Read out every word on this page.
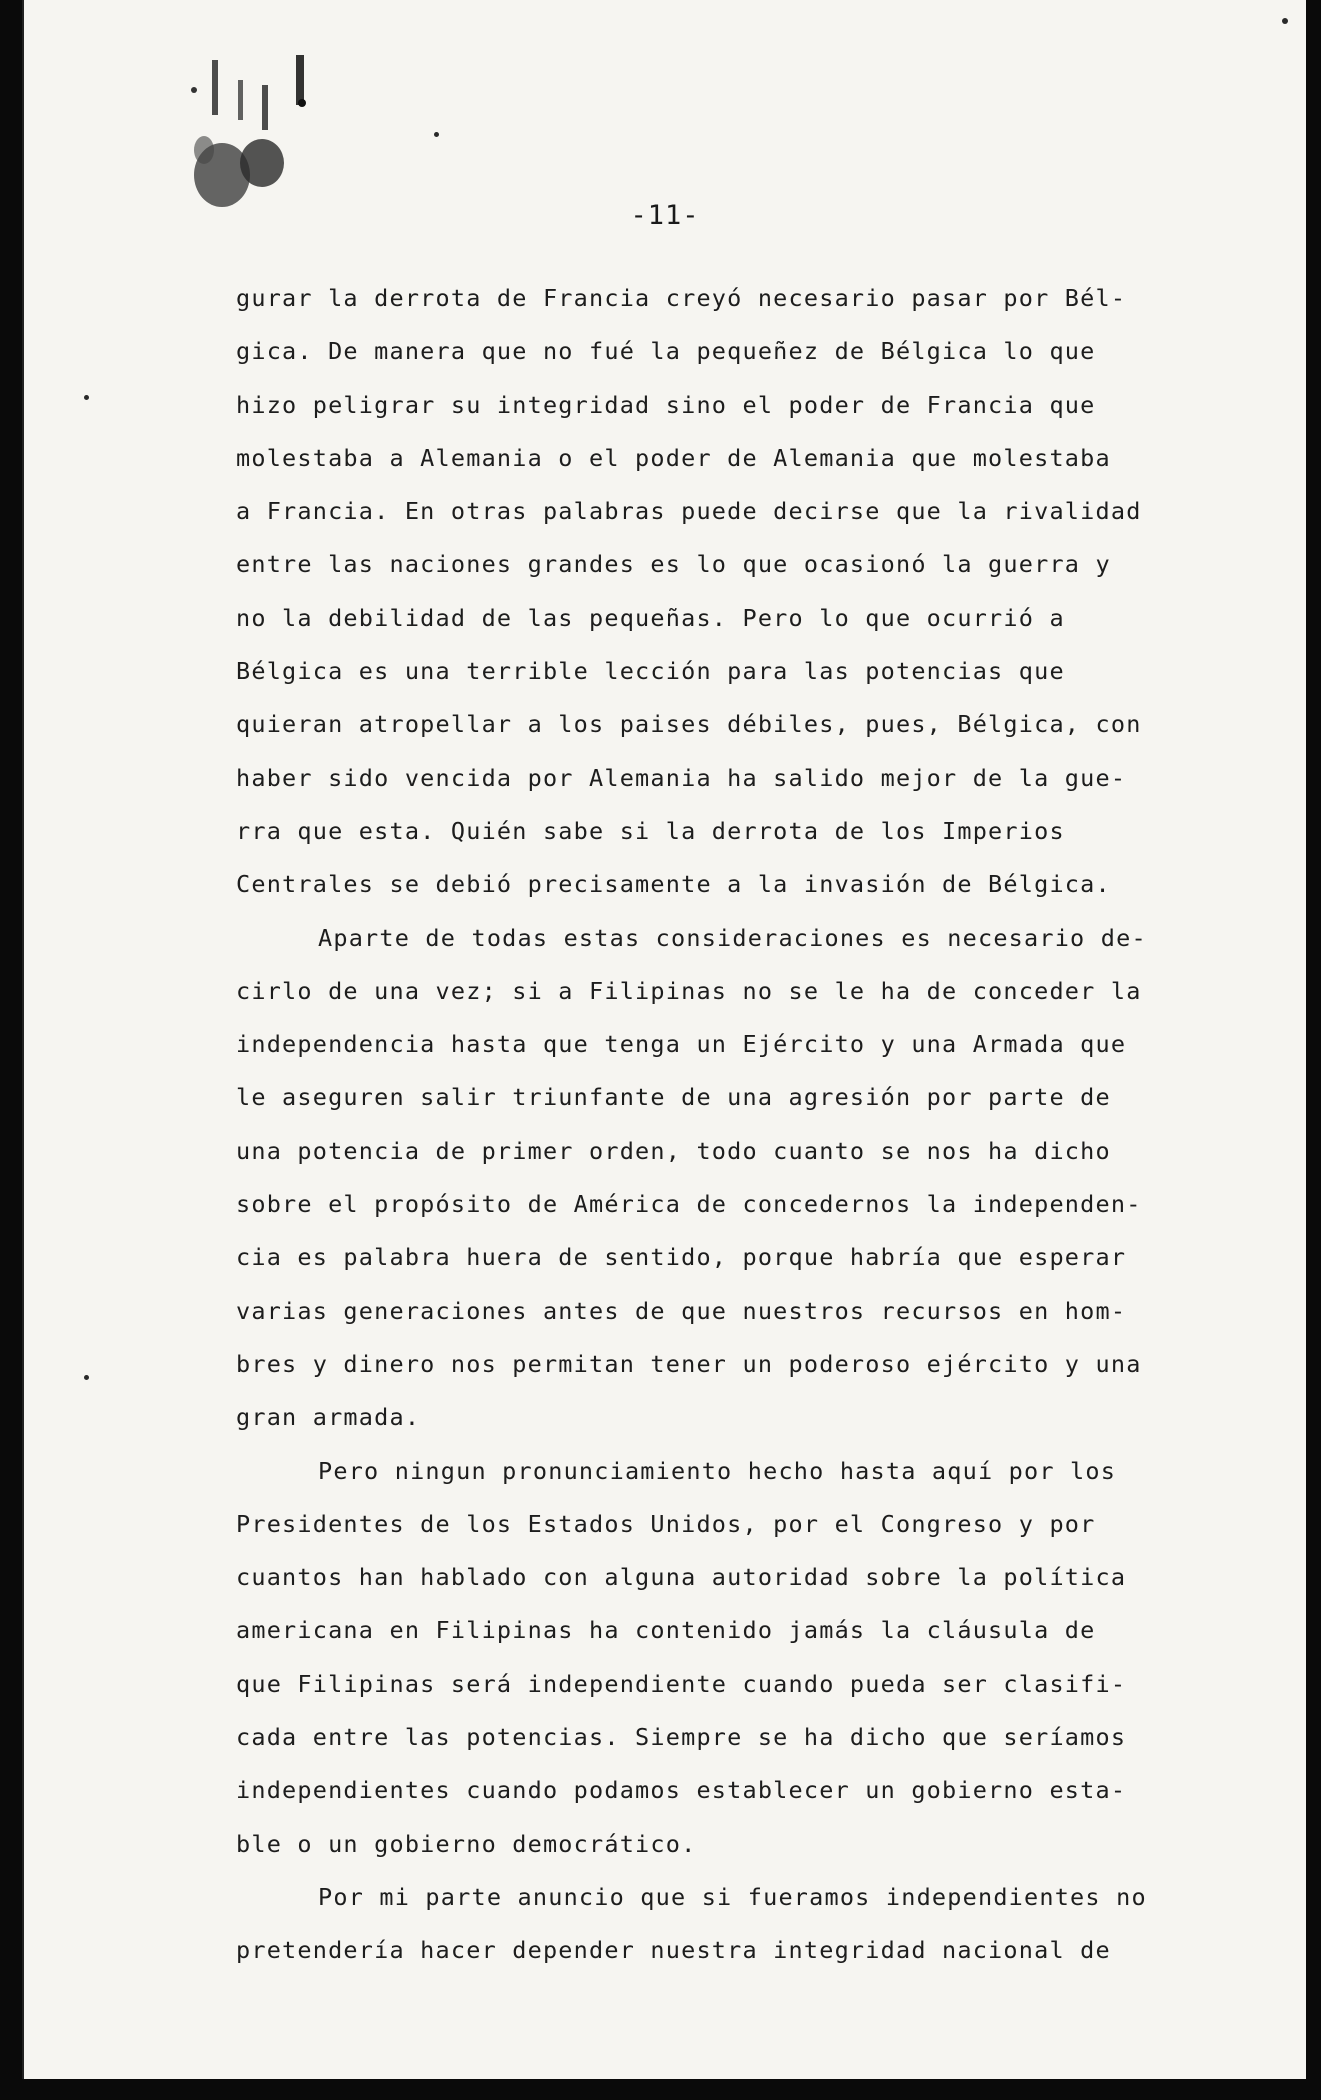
-11-
gurar la derrota de Francia creyó necesario pasar por Bél-
gica. De manera que no fué la pequeñez de Bélgica lo que
hizo peligrar su integridad sino el poder de Francia que
molestaba a Alemania o el poder de Alemania que molestaba
a Francia. En otras palabras puede decirse que la rivalidad
entre las naciones grandes es lo que ocasionó la guerra y
no la debilidad de las pequeñas. Pero lo que ocurrió a
Bélgica es una terrible lección para las potencias que
quieran atropellar a los paises débiles, pues, Bélgica, con
haber sido vencida por Alemania ha salido mejor de la gue-
rra que esta. Quién sabe si la derrota de los Imperios
Centrales se debió precisamente a la invasión de Bélgica.
Aparte de todas estas consideraciones es necesario de-
cirlo de una vez; si a Filipinas no se le ha de conceder la
independencia hasta que tenga un Ejército y una Armada que
le aseguren salir triunfante de una agresión por parte de
una potencia de primer orden, todo cuanto se nos ha dicho
sobre el propósito de América de concedernos la independen-
cia es palabra huera de sentido, porque habría que esperar
varias generaciones antes de que nuestros recursos en hom-
bres y dinero nos permitan tener un poderoso ejército y una
gran armada.
Pero ningun pronunciamiento hecho hasta aquí por los
Presidentes de los Estados Unidos, por el Congreso y por
cuantos han hablado con alguna autoridad sobre la política
americana en Filipinas ha contenido jamás la cláusula de
que Filipinas será independiente cuando pueda ser clasifi-
cada entre las potencias. Siempre se ha dicho que seríamos
independientes cuando podamos establecer un gobierno esta-
ble o un gobierno democrático.
Por mi parte anuncio que si fueramos independientes no
pretendería hacer depender nuestra integridad nacional de
